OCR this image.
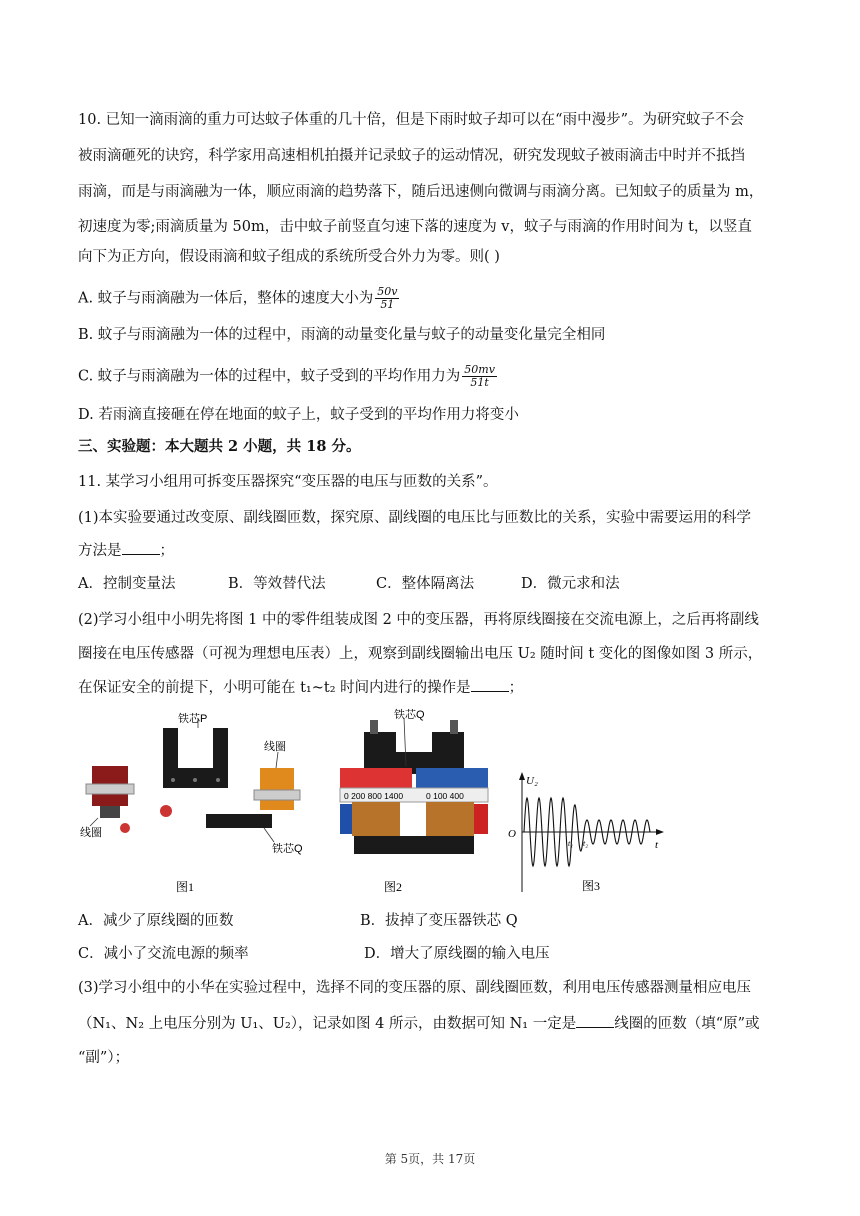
10. 已知一滴雨滴的重力可达蚊子体重的几十倍，但是下雨时蚊子却可以在“雨中漫步”。为研究蚊子不会
被雨滴砸死的诀窍，科学家用高速相机拍摄并记录蚊子的运动情况，研究发现蚊子被雨滴击中时并不抵挡
雨滴，而是与雨滴融为一体，顺应雨滴的趋势落下，随后迅速侧向微调与雨滴分离。已知蚊子的质量为 m，
初速度为零;雨滴质量为 50m，击中蚊子前竖直匀速下落的速度为 v，蚊子与雨滴的作用时间为 t，以竖直
向下为正方向，假设雨滴和蚊子组成的系统所受合外力为零。则( )
A. 蚊子与雨滴融为一体后，整体的速度大小为 $\frac{50v}{51}$
B. 蚊子与雨滴融为一体的过程中，雨滴的动量变化量与蚊子的动量变化量完全相同
C. 蚊子与雨滴融为一体的过程中，蚊子受到的平均作用力为 $\frac{50mv}{51t}$
D. 若雨滴直接砸在停在地面的蚊子上，蚊子受到的平均作用力将变小
三、实验题：本大题共 2 小题，共 18 分。
11. 某学习小组用可拆变压器探究“变压器的电压与匝数的关系”。
(1)本实验要通过改变原、副线圈匝数，探究原、副线圈的电压比与匝数比的关系，实验中需要运用的科学
方法是	；
A．控制变量法	B．等效替代法	C．整体隔离法	D．微元求和法
(2)学习小组中小明先将图 1 中的零件组装成图 2 中的变压器，再将原线圈接在交流电源上，之后再将副线
圈接在电压传感器（可视为理想电压表）上，观察到副线圈输出电压 U₂ 随时间 t 变化的图像如图 3 所示，
在保证安全的前提下，小明可能在 t₁~t₂ 时间内进行的操作是	；
铁芯P
线圈
线圈
铁芯Q
图1
0 200 800 1400	0 100 400
铁芯Q
图2
U₂
O
t
t₁ t₂
图3
A．减少了原线圈的匝数	B．拔掉了变压器铁芯 Q
C．减小了交流电源的频率	D．增大了原线圈的输入电压
(3)学习小组中的小华在实验过程中，选择不同的变压器的原、副线圈匝数，利用电压传感器测量相应电压
（N₁、N₂ 上电压分别为 U₁、U₂），记录如图 4 所示，由数据可知 N₁ 一定是	线圈的匝数（填“原”或
“副”）；
第 5页，共 17页
